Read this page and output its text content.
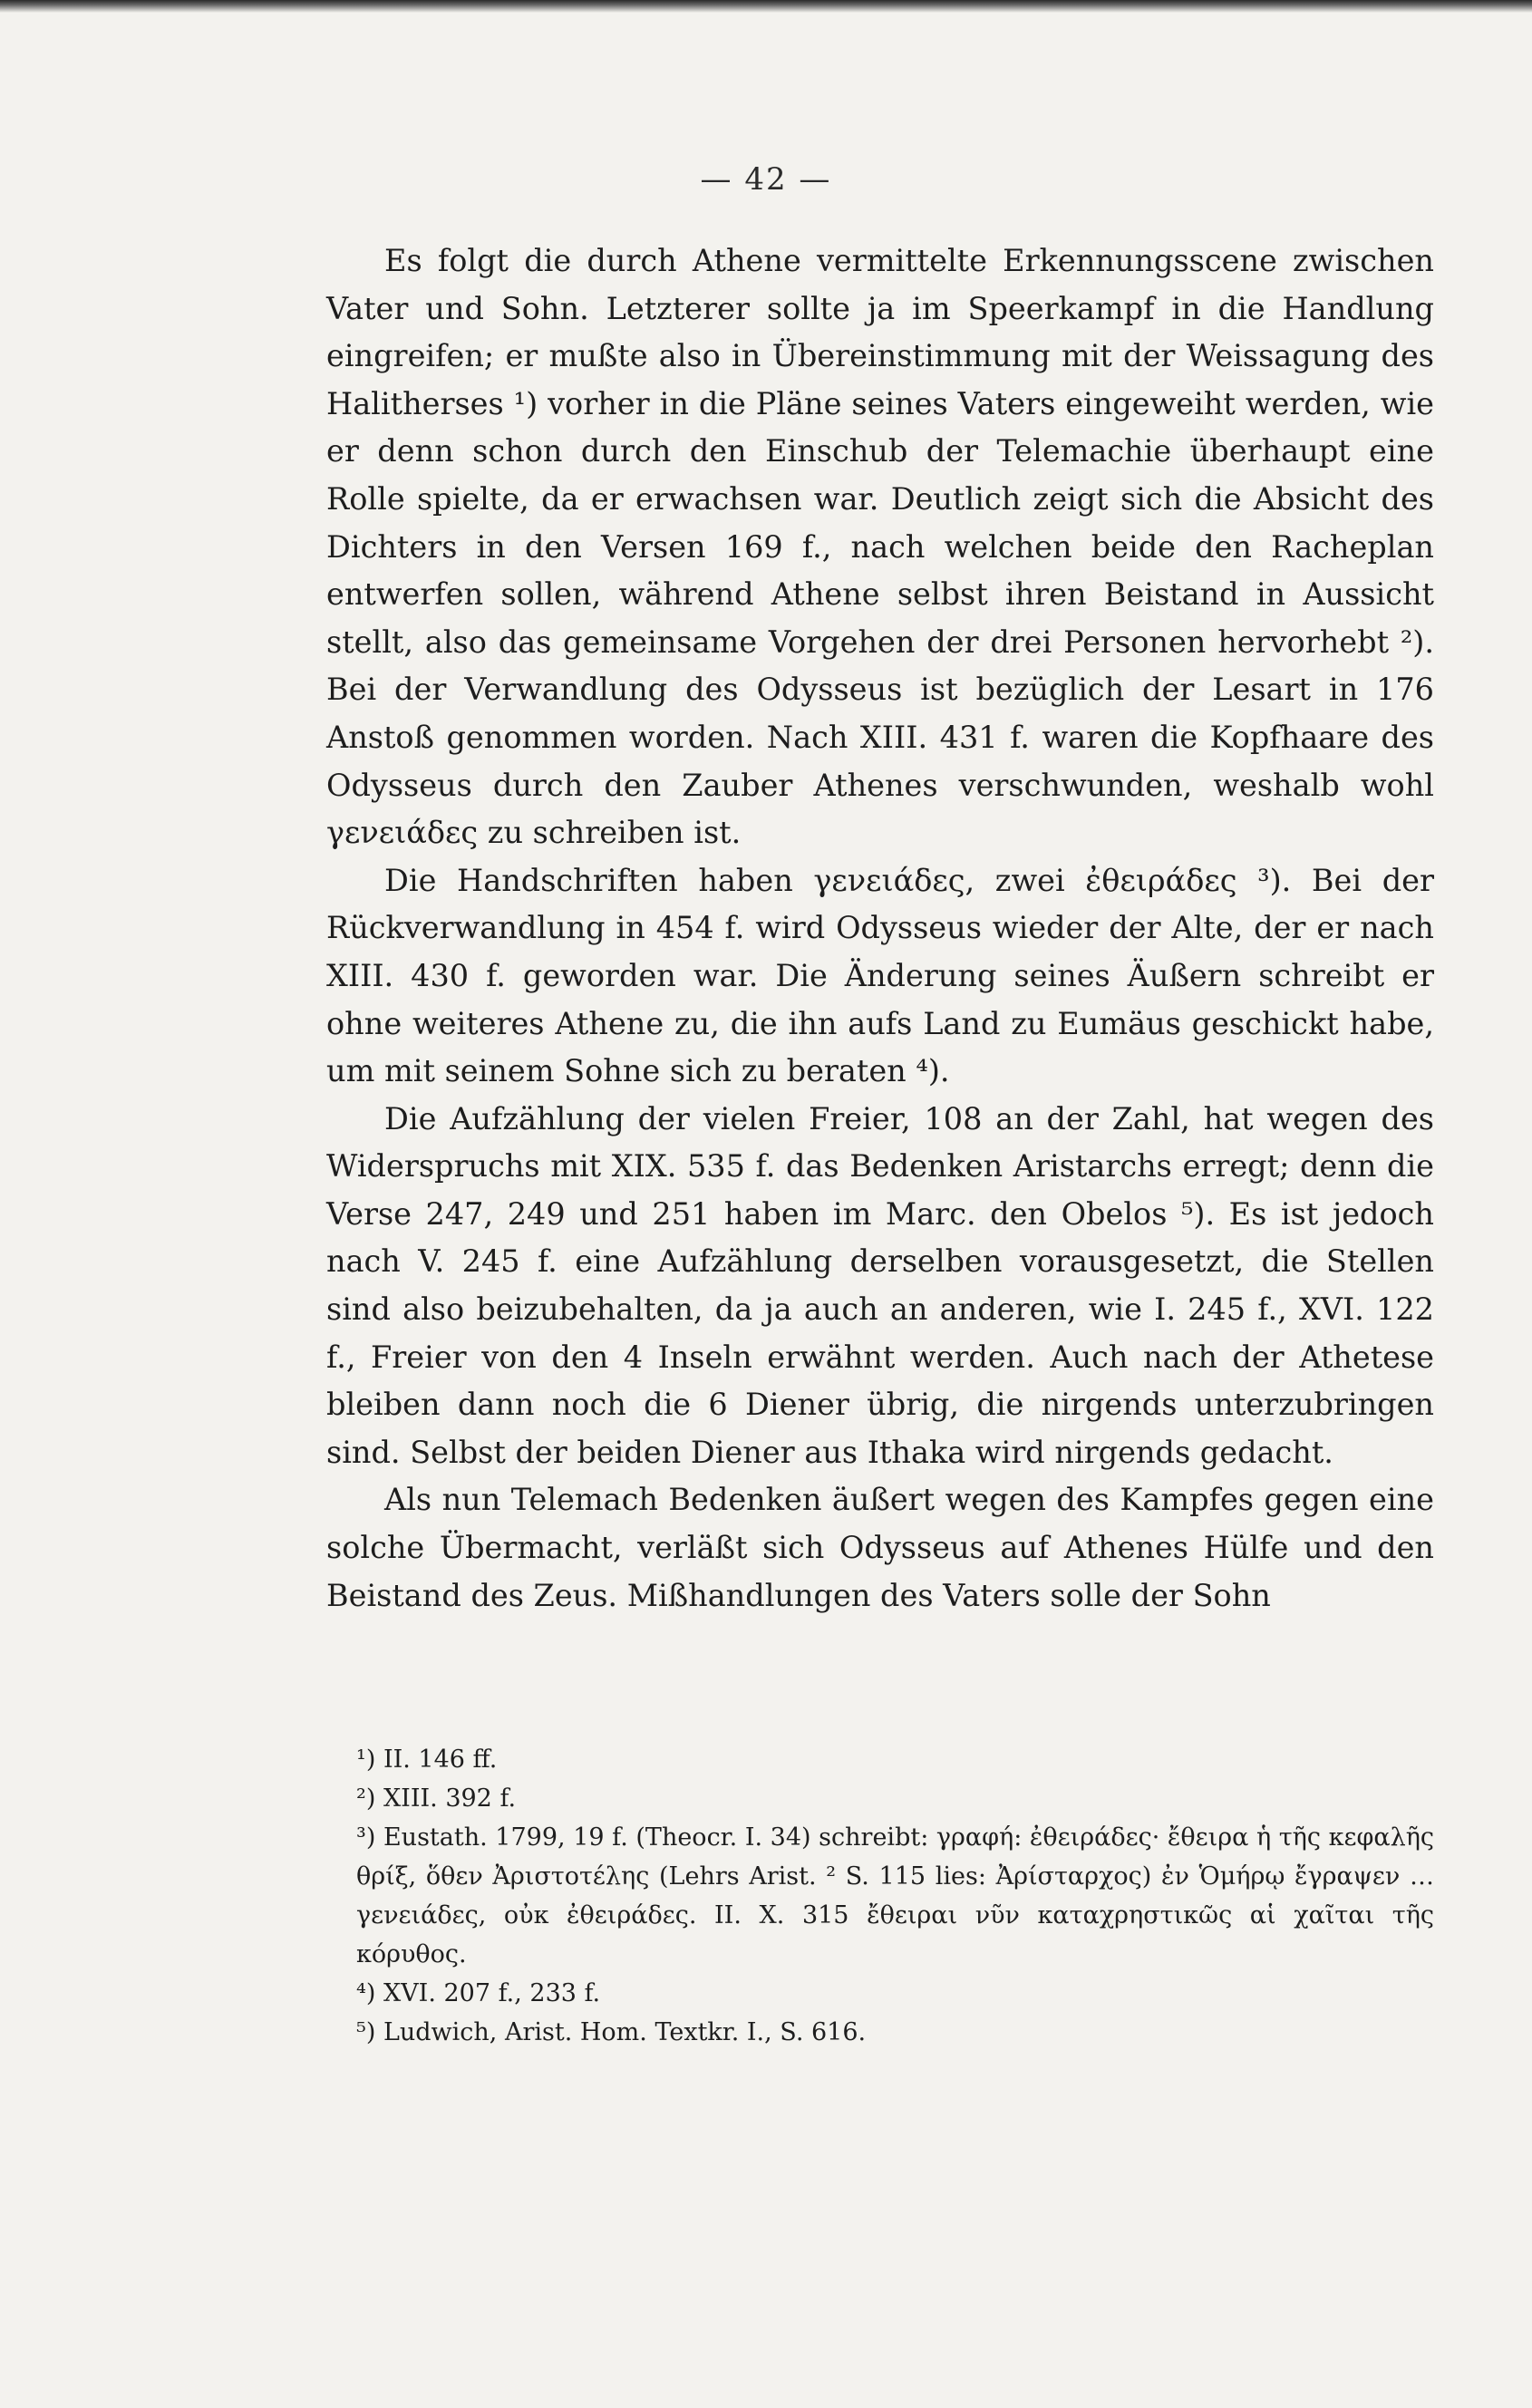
— 42 —

Es folgt die durch Athene vermittelte Erkennungsscene zwischen Vater und Sohn. Letzterer sollte ja im Speerkampf in die Handlung eingreifen; er mußte also in Übereinstimmung mit der Weissagung des Halitherses ¹) vorher in die Pläne seines Vaters eingeweiht werden, wie er denn schon durch den Einschub der Telemachie überhaupt eine Rolle spielte, da er erwachsen war. Deutlich zeigt sich die Absicht des Dichters in den Versen 169 f., nach welchen beide den Racheplan entwerfen sollen, während Athene selbst ihren Beistand in Aussicht stellt, also das gemeinsame Vorgehen der drei Personen hervorhebt ²). Bei der Verwandlung des Odysseus ist bezüglich der Lesart in 176 Anstoß genommen worden. Nach XIII. 431 f. waren die Kopfhaare des Odysseus durch den Zauber Athenes verschwunden, weshalb wohl γενειάδες zu schreiben ist.

Die Handschriften haben γενειάδες, zwei ἐθειράδες ³). Bei der Rückverwandlung in 454 f. wird Odysseus wieder der Alte, der er nach XIII. 430 f. geworden war. Die Änderung seines Äußern schreibt er ohne weiteres Athene zu, die ihn aufs Land zu Eumäus geschickt habe, um mit seinem Sohne sich zu beraten ⁴).

Die Aufzählung der vielen Freier, 108 an der Zahl, hat wegen des Widerspruchs mit XIX. 535 f. das Bedenken Aristarchs erregt; denn die Verse 247, 249 und 251 haben im Marc. den Obelos ⁵). Es ist jedoch nach V. 245 f. eine Aufzählung derselben vorausgesetzt, die Stellen sind also beizubehalten, da ja auch an anderen, wie I. 245 f., XVI. 122 f., Freier von den 4 Inseln erwähnt werden. Auch nach der Athetese bleiben dann noch die 6 Diener übrig, die nirgends unterzubringen sind. Selbst der beiden Diener aus Ithaka wird nirgends gedacht.

Als nun Telemach Bedenken äußert wegen des Kampfes gegen eine solche Übermacht, verläßt sich Odysseus auf Athenes Hülfe und den Beistand des Zeus. Mißhandlungen des Vaters solle der Sohn

¹) II. 146 ff.
²) XIII. 392 f.
³) Eustath. 1799, 19 f. (Theocr. I. 34) schreibt: γραφή: ἐθειράδες· ἔθειρα ἡ τῆς κεφαλῆς θρίξ, ὅθεν Ἀριστοτέλης (Lehrs Arist. ² S. 115 lies: Ἀρίσταρχος) ἐν Ὁμήρῳ ἔγραψεν … γενειάδες, οὐκ ἐθειράδες. II. X. 315 ἔθειραι νῦν καταχρηστικῶς αἱ χαῖται τῆς κόρυθος.
⁴) XVI. 207 f., 233 f.
⁵) Ludwich, Arist. Hom. Textkr. I., S. 616.
